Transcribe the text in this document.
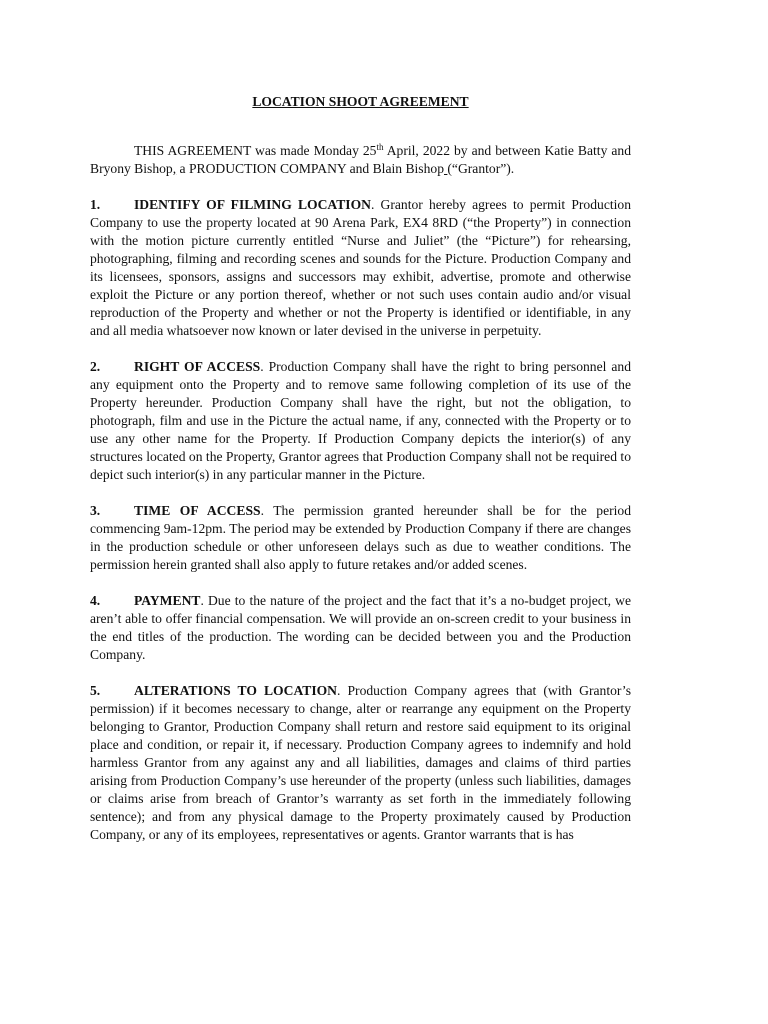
LOCATION SHOOT AGREEMENT

THIS AGREEMENT was made Monday 25th April, 2022 by and between Katie Batty and Bryony Bishop, a PRODUCTION COMPANY and Blain Bishop (“Grantor”).

1. IDENTIFY OF FILMING LOCATION. Grantor hereby agrees to permit Production Company to use the property located at 90 Arena Park, EX4 8RD (“the Property”) in connection with the motion picture currently entitled “Nurse and Juliet” (the “Picture”) for rehearsing, photographing, filming and recording scenes and sounds for the Picture. Production Company and its licensees, sponsors, assigns and successors may exhibit, advertise, promote and otherwise exploit the Picture or any portion thereof, whether or not such uses contain audio and/or visual reproduction of the Property and whether or not the Property is identified or identifiable, in any and all media whatsoever now known or later devised in the universe in perpetuity.

2. RIGHT OF ACCESS. Production Company shall have the right to bring personnel and any equipment onto the Property and to remove same following completion of its use of the Property hereunder. Production Company shall have the right, but not the obligation, to photograph, film and use in the Picture the actual name, if any, connected with the Property or to use any other name for the Property. If Production Company depicts the interior(s) of any structures located on the Property, Grantor agrees that Production Company shall not be required to depict such interior(s) in any particular manner in the Picture.

3. TIME OF ACCESS. The permission granted hereunder shall be for the period commencing 9am-12pm. The period may be extended by Production Company if there are changes in the production schedule or other unforeseen delays such as due to weather conditions. The permission herein granted shall also apply to future retakes and/or added scenes.

4. PAYMENT. Due to the nature of the project and the fact that it’s a no-budget project, we aren’t able to offer financial compensation. We will provide an on-screen credit to your business in the end titles of the production. The wording can be decided between you and the Production Company.

5. ALTERATIONS TO LOCATION. Production Company agrees that (with Grantor’s permission) if it becomes necessary to change, alter or rearrange any equipment on the Property belonging to Grantor, Production Company shall return and restore said equipment to its original place and condition, or repair it, if necessary. Production Company agrees to indemnify and hold harmless Grantor from any against any and all liabilities, damages and claims of third parties arising from Production Company’s use hereunder of the property (unless such liabilities, damages or claims arise from breach of Grantor’s warranty as set forth in the immediately following sentence); and from any physical damage to the Property proximately caused by Production Company, or any of its employees, representatives or agents. Grantor warrants that is has
